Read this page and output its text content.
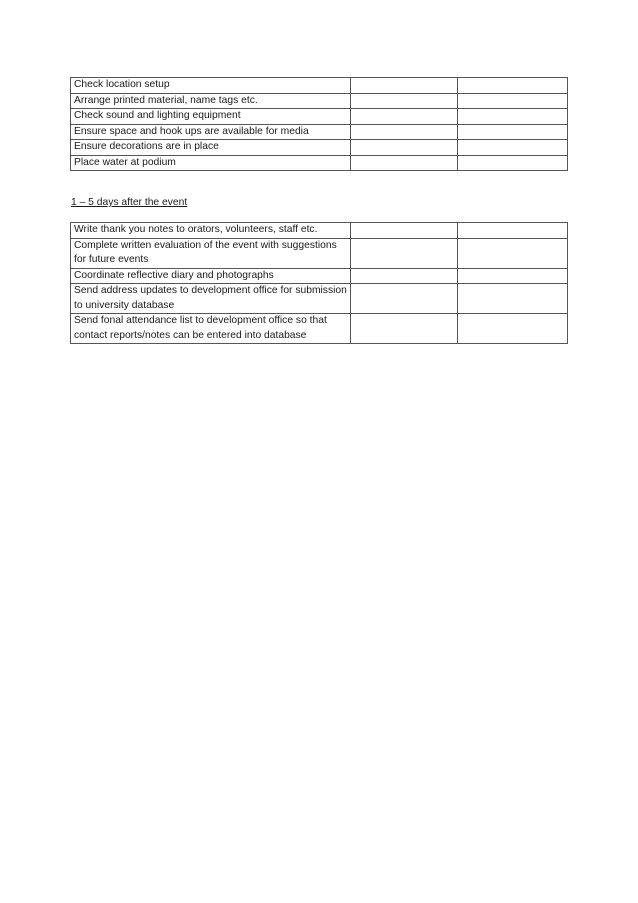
Check location setup		
Arrange printed material, name tags etc.		
Check sound and lighting equipment		
Ensure space and hook ups are available for media		
Ensure decorations are in place		
Place water at podium		
1 – 5 days after the event
Write thank you notes to orators, volunteers, staff etc.		
Complete written evaluation of the event with suggestions for future events		
Coordinate reflective diary and photographs		
Send address updates to development office for submission to university database		
Send fonal attendance list to development office so that contact reports/notes can be entered into database		
